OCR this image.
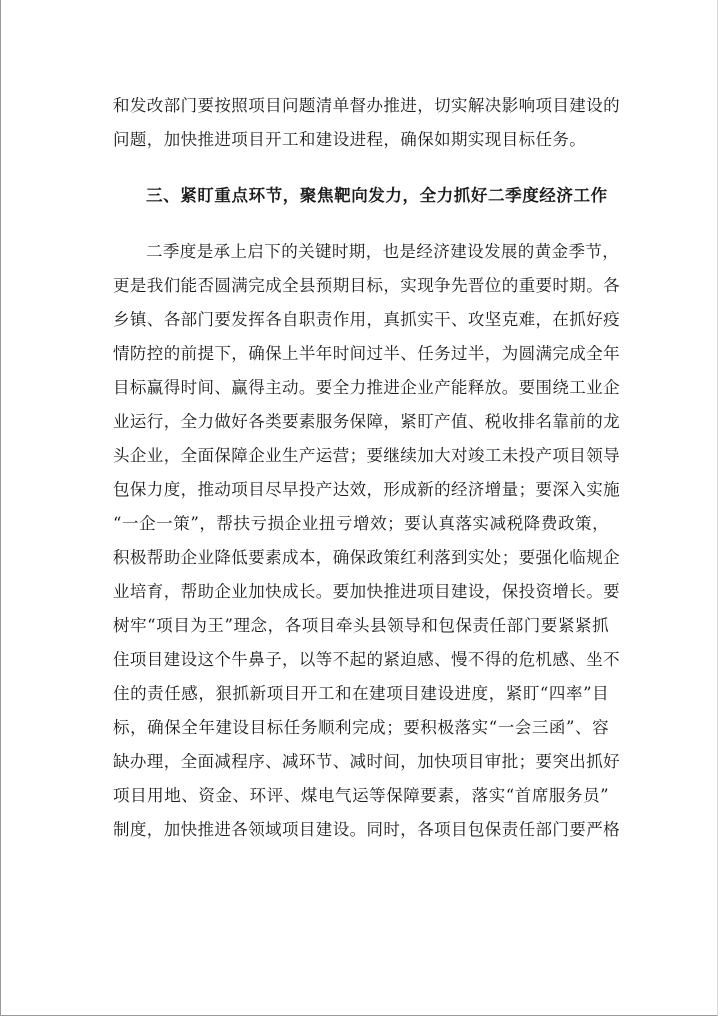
和发改部门要按照项目问题清单督办推进，切实解决影响项目建设的
问题，加快推进项目开工和建设进程，确保如期实现目标任务。
三、紧盯重点环节，聚焦靶向发力，全力抓好二季度经济工作
二季度是承上启下的关键时期，也是经济建设发展的黄金季节，
更是我们能否圆满完成全县预期目标，实现争先晋位的重要时期。各
乡镇、各部门要发挥各自职责作用，真抓实干、攻坚克难，在抓好疫
情防控的前提下，确保上半年时间过半、任务过半，为圆满完成全年
目标赢得时间、赢得主动。要全力推进企业产能释放。要围绕工业企
业运行，全力做好各类要素服务保障，紧盯产值、税收排名靠前的龙
头企业，全面保障企业生产运营；要继续加大对竣工未投产项目领导
包保力度，推动项目尽早投产达效，形成新的经济增量；要深入实施
“一企一策”，帮扶亏损企业扭亏增效；要认真落实减税降费政策，
积极帮助企业降低要素成本，确保政策红利落到实处；要强化临规企
业培育，帮助企业加快成长。要加快推进项目建设，保投资增长。要
树牢“项目为王”理念，各项目牵头县领导和包保责任部门要紧紧抓
住项目建设这个牛鼻子，以等不起的紧迫感、慢不得的危机感、坐不
住的责任感，狠抓新项目开工和在建项目建设进度，紧盯“四率”目
标，确保全年建设目标任务顺利完成；要积极落实“一会三函”、容
缺办理，全面减程序、减环节、减时间，加快项目审批；要突出抓好
项目用地、资金、环评、煤电气运等保障要素，落实“首席服务员”
制度，加快推进各领域项目建设。同时，各项目包保责任部门要严格
